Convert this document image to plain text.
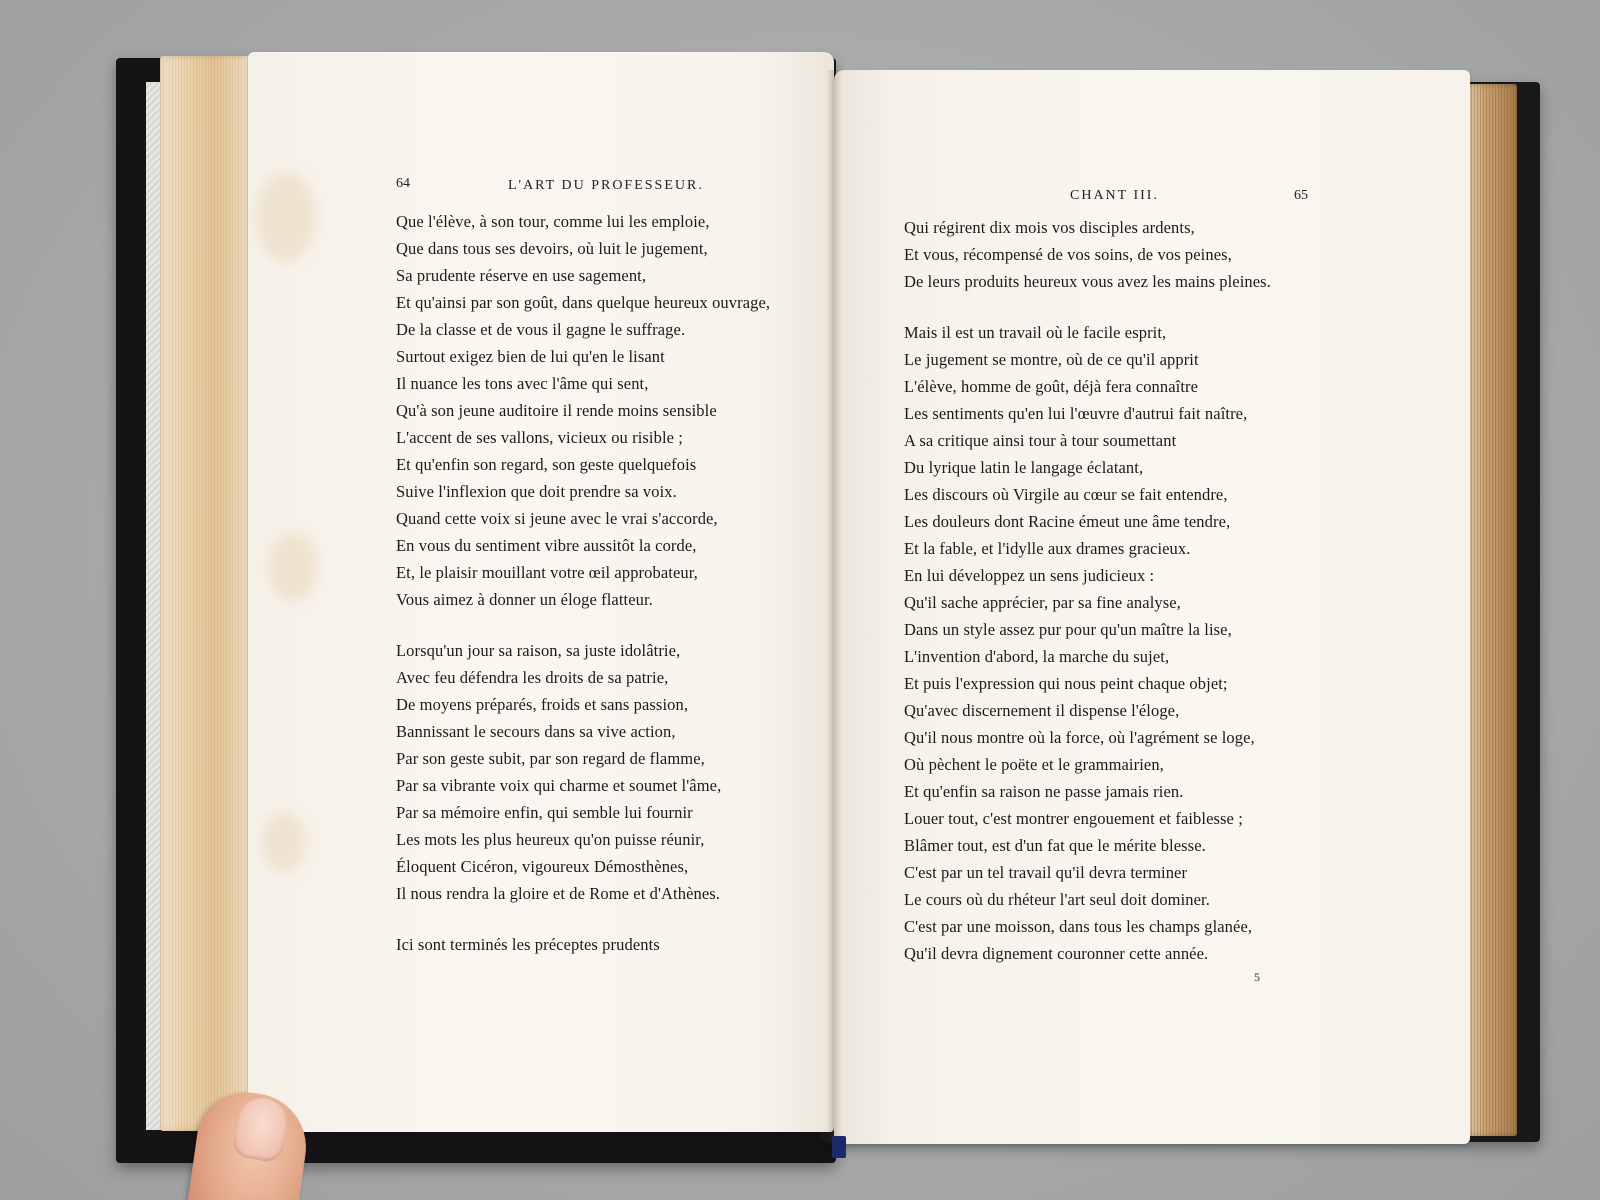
64	L'ART DU PROFESSEUR.
Que l'élève, à son tour, comme lui les emploie,
Que dans tous ses devoirs, où luit le jugement,
Sa prudente réserve en use sagement,
Et qu'ainsi par son goût, dans quelque heureux ouvrage,
De la classe et de vous il gagne le suffrage.
Surtout exigez bien de lui qu'en le lisant
Il nuance les tons avec l'âme qui sent,
Qu'à son jeune auditoire il rende moins sensible
L'accent de ses vallons, vicieux ou risible ;
Et qu'enfin son regard, son geste quelquefois
Suive l'inflexion que doit prendre sa voix.
Quand cette voix si jeune avec le vrai s'accorde,
En vous du sentiment vibre aussitôt la corde,
Et, le plaisir mouillant votre œil approbateur,
Vous aimez à donner un éloge flatteur.
Lorsqu'un jour sa raison, sa juste idolâtrie,
Avec feu défendra les droits de sa patrie,
De moyens préparés, froids et sans passion,
Bannissant le secours dans sa vive action,
Par son geste subit, par son regard de flamme,
Par sa vibrante voix qui charme et soumet l'âme,
Par sa mémoire enfin, qui semble lui fournir
Les mots les plus heureux qu'on puisse réunir,
Éloquent Cicéron, vigoureux Démosthènes,
Il nous rendra la gloire et de Rome et d'Athènes.
Ici sont terminés les préceptes prudents
CHANT III.	65
Qui régirent dix mois vos disciples ardents,
Et vous, récompensé de vos soins, de vos peines,
De leurs produits heureux vous avez les mains pleines.
Mais il est un travail où le facile esprit,
Le jugement se montre, où de ce qu'il apprit
L'élève, homme de goût, déjà fera connaître
Les sentiments qu'en lui l'œuvre d'autrui fait naître,
A sa critique ainsi tour à tour soumettant
Du lyrique latin le langage éclatant,
Les discours où Virgile au cœur se fait entendre,
Les douleurs dont Racine émeut une âme tendre,
Et la fable, et l'idylle aux drames gracieux.
En lui développez un sens judicieux :
Qu'il sache apprécier, par sa fine analyse,
Dans un style assez pur pour qu'un maître la lise,
L'invention d'abord, la marche du sujet,
Et puis l'expression qui nous peint chaque objet;
Qu'avec discernement il dispense l'éloge,
Qu'il nous montre où la force, où l'agrément se loge,
Où pèchent le poëte et le grammairien,
Et qu'enfin sa raison ne passe jamais rien.
Louer tout, c'est montrer engouement et faiblesse ;
Blâmer tout, est d'un fat que le mérite blesse.
C'est par un tel travail qu'il devra terminer
Le cours où du rhéteur l'art seul doit dominer.
C'est par une moisson, dans tous les champs glanée,
Qu'il devra dignement couronner cette année.
5
